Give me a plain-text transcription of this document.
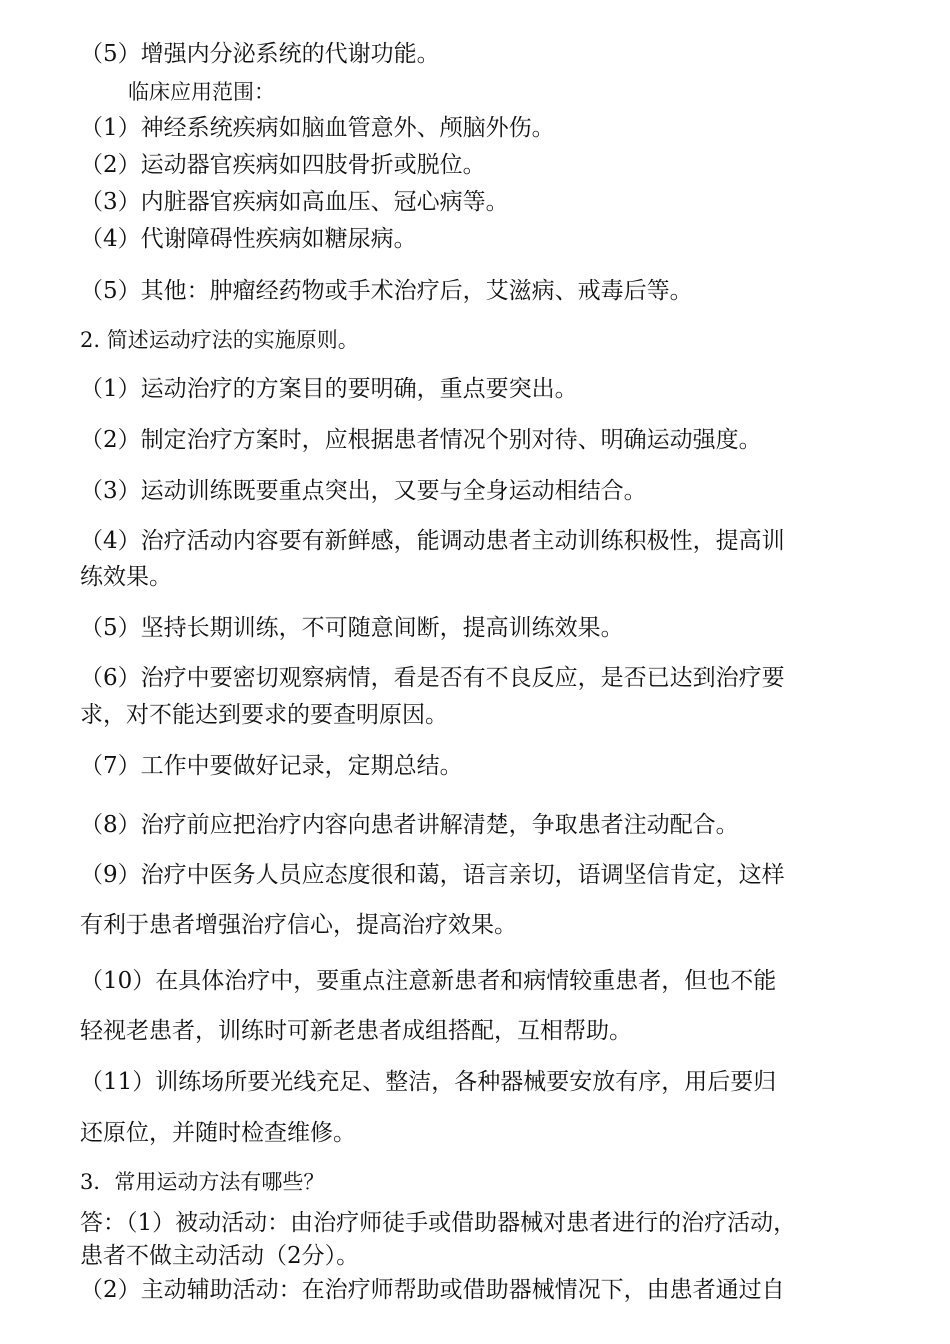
（5）增强内分泌系统的代谢功能。
临床应用范围：
（1）神经系统疾病如脑血管意外、颅脑外伤。
（2）运动器官疾病如四肢骨折或脱位。
（3）内脏器官疾病如高血压、冠心病等。
（4）代谢障碍性疾病如糖尿病。
（5）其他：肿瘤经药物或手术治疗后，艾滋病、戒毒后等。
2. 简述运动疗法的实施原则。
（1）运动治疗的方案目的要明确，重点要突出。
（2）制定治疗方案时，应根据患者情况个别对待、明确运动强度。
（3）运动训练既要重点突出，又要与全身运动相结合。
（4）治疗活动内容要有新鲜感，能调动患者主动训练积极性，提高训
练效果。
（5）坚持长期训练，不可随意间断，提高训练效果。
（6）治疗中要密切观察病情，看是否有不良反应，是否已达到治疗要
求，对不能达到要求的要查明原因。
（7）工作中要做好记录，定期总结。
（8）治疗前应把治疗内容向患者讲解清楚，争取患者注动配合。
（9）治疗中医务人员应态度很和蔼，语言亲切，语调坚信肯定，这样
有利于患者增强治疗信心，提高治疗效果。
（10）在具体治疗中，要重点注意新患者和病情较重患者，但也不能
轻视老患者，训练时可新老患者成组搭配，互相帮助。
（11）训练场所要光线充足、整洁，各种器械要安放有序，用后要归
还原位，并随时检查维修。
3．常用运动方法有哪些？
答：（1）被动活动：由治疗师徒手或借助器械对患者进行的治疗活动，
患者不做主动活动（2分）。
（2）主动辅助活动：在治疗师帮助或借助器械情况下，由患者通过自
